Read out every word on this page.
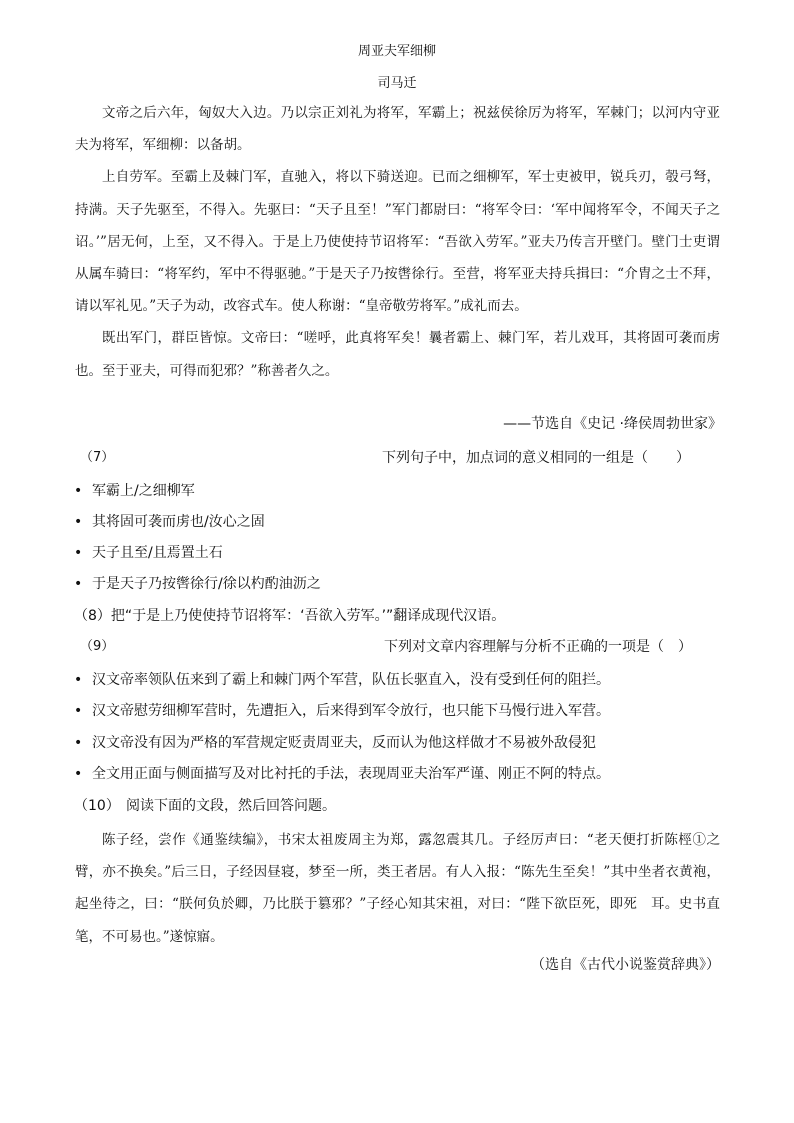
周亚夫军细柳
司马迁

文帝之后六年，匈奴大入边。乃以宗正刘礼为将军，军霸上；祝兹侯徐厉为将军，军棘门；以河内守亚夫为将军，军细柳：以备胡。

上自劳军。至霸上及棘门军，直驰入，将以下骑送迎。已而之细柳军，军士吏被甲，锐兵刃，彀弓弩，持满。天子先驱至，不得入。先驱曰：“天子且至！”军门都尉曰：“将军令曰：‘军中闻将军令，不闻天子之诏。’”居无何，上至，又不得入。于是上乃使使持节诏将军：“吾欲入劳军。”亚夫乃传言开壁门。壁门士吏谓从属车骑曰：“将军约，军中不得驱驰。”于是天子乃按辔徐行。至营，将军亚夫持兵揖曰：“介胄之士不拜，请以军礼见。”天子为动，改容式车。使人称谢：“皇帝敬劳将军。”成礼而去。

既出军门，群臣皆惊。文帝曰：“嗟呼，此真将军矣！曩者霸上、棘门军，若儿戏耳，其将固可袭而虏也。至于亚夫，可得而犯邪？”称善者久之。

——节选自《史记 ·绛侯周勃世家》
（7）	下列句子中，加点词的意义相同的一组是（　　）
• 军霸上/之细柳军
• 其将固可袭而虏也/汝心之固
• 天子且至/且焉置土石
• 于是天子乃按辔徐行/徐以杓酌油沥之
（8）把“于是上乃使使持节诏将军：‘吾欲入劳军。’”翻译成现代汉语。
（9）	下列对文章内容理解与分析不正确的一项是（　）
• 汉文帝率领队伍来到了霸上和棘门两个军营，队伍长驱直入，没有受到任何的阻拦。
• 汉文帝慰劳细柳军营时，先遭拒入，后来得到军令放行，也只能下马慢行进入军营。
• 汉文帝没有因为严格的军营规定贬责周亚夫，反而认为他这样做才不易被外敌侵犯
• 全文用正面与侧面描写及对比衬托的手法，表现周亚夫治军严谨、刚正不阿的特点。
（10） 阅读下面的文段，然后回答问题。

陈子经，尝作《通鉴续编》，书宋太祖废周主为郑，露忽震其几。子经厉声曰：“老天便打折陈桱①之臂，亦不换矣。”后三日，子经因昼寝，梦至一所，类王者居。有人入报：“陈先生至矣！”其中坐者衣黄袍，起坐待之，曰：“朕何负於卿，乃比朕于篡邪？”子经心知其宋祖，对曰：“陛下欲臣死，即死　耳。史书直笔，不可易也。”遂惊寤。

（选自《古代小说鉴赏辞典》）
